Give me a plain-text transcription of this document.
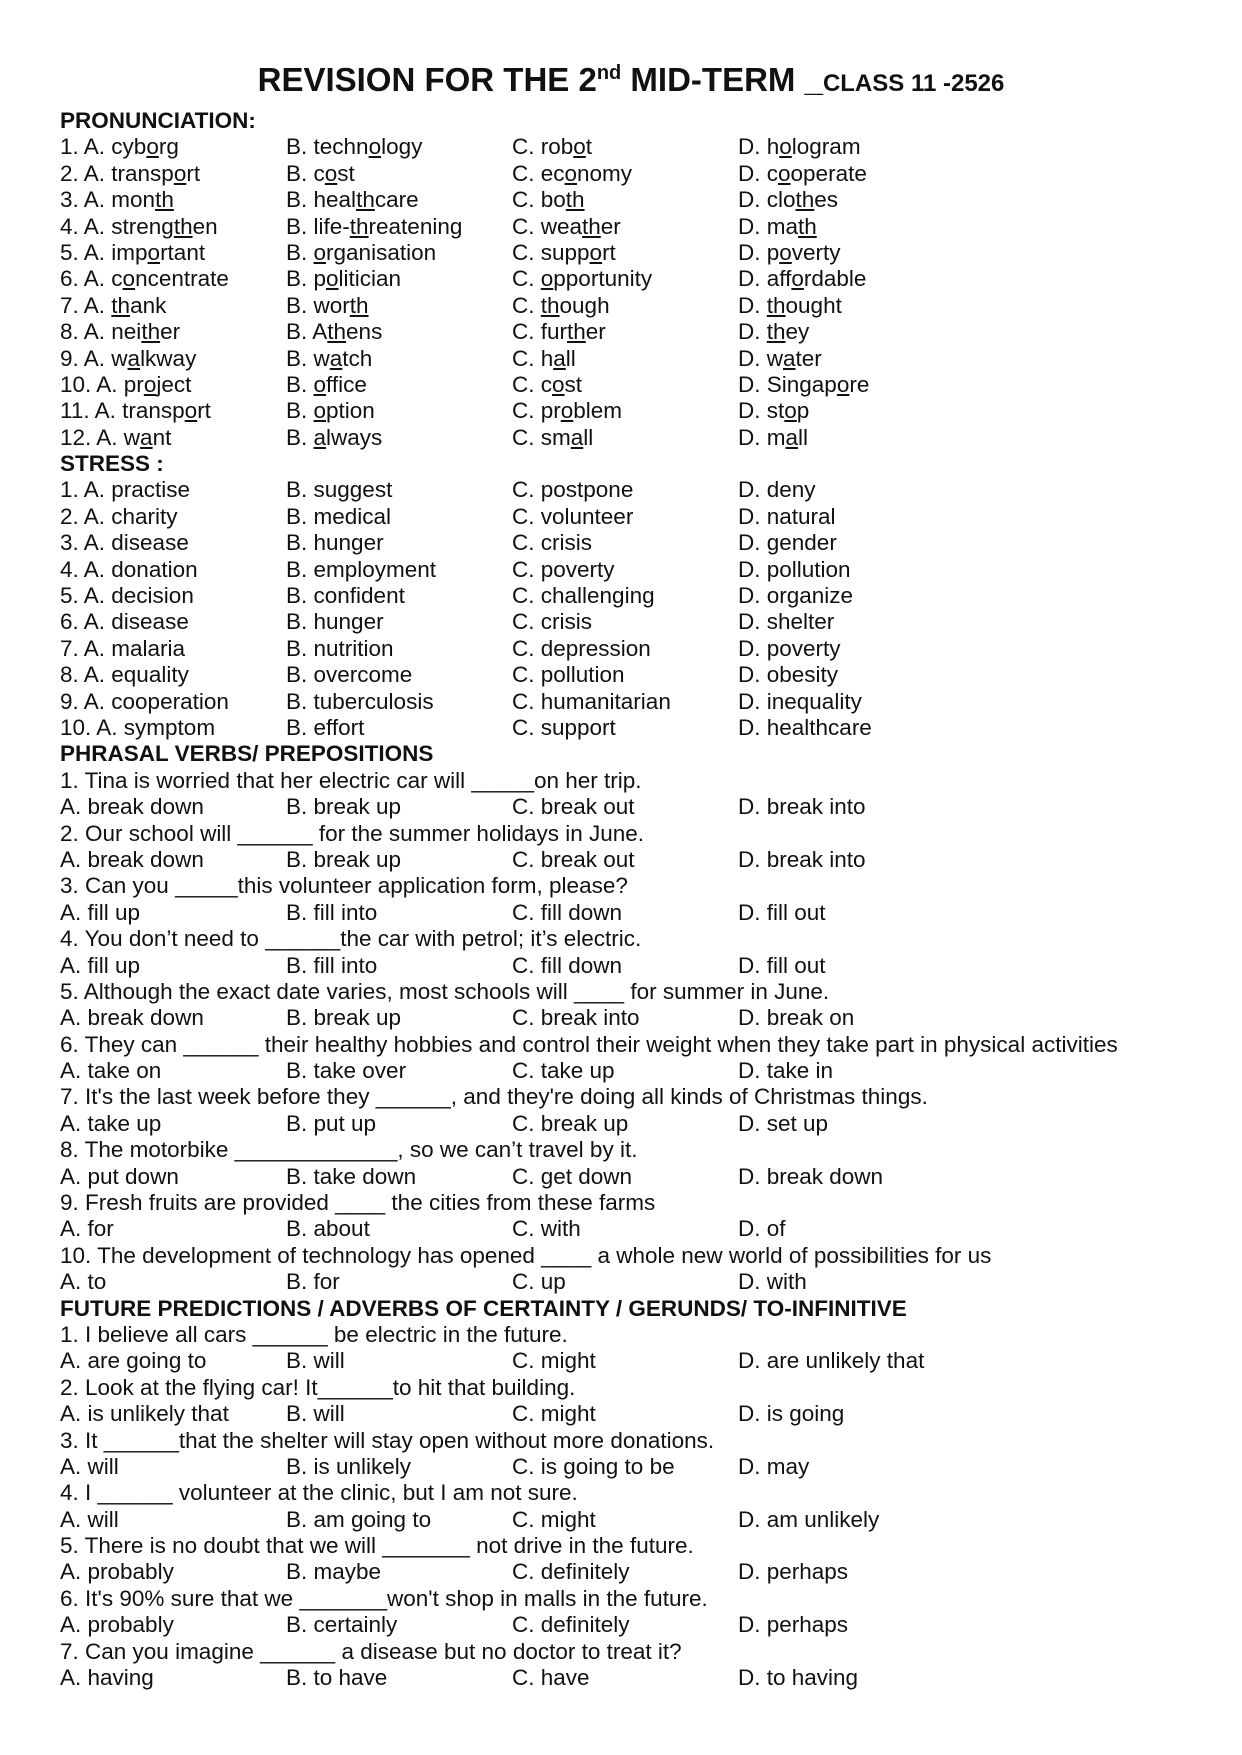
REVISION FOR THE 2nd MID-TERM _CLASS 11 -2526
PRONUNCIATION:
1. A. cyborg	B. technology	C. robot	D. hologram
2. A. transport	B. cost	C. economy	D. cooperate
3. A. month	B. healthcare	C. both	D. clothes
4. A. strengthen	B. life-threatening	C. weather	D. math
5. A. important	B. organisation	C. support	D. poverty
6. A. concentrate	B. politician	C. opportunity	D. affordable
7. A. thank	B. worth	C. though	D. thought
8. A. neither	B. Athens	C. further	D. they
9. A. walkway	B. watch	C. hall	D. water
10. A. project	B. office	C. cost	D. Singapore
11. A. transport	B. option	C. problem	D. stop
12. A. want	B. always	C. small	D. mall
STRESS :
1. A. practise	B. suggest	C. postpone	D. deny
2. A. charity	B. medical	C. volunteer	D. natural
3. A. disease	B. hunger	C. crisis	D. gender
4. A. donation	B. employment	C. poverty	D. pollution
5. A. decision	B. confident	C. challenging	D. organize
6. A. disease	B. hunger	C. crisis	D. shelter
7. A. malaria	B. nutrition	C. depression	D. poverty
8. A. equality	B. overcome	C. pollution	D. obesity
9. A. cooperation	B. tuberculosis	C. humanitarian	D. inequality
10. A. symptom	B. effort	C. support	D. healthcare
PHRASAL VERBS/ PREPOSITIONS
1. Tina is worried that her electric car will _____on her trip.
A. break down	B. break up	C. break out	D. break into
2. Our school will ______ for the summer holidays in June.
A. break down	B. break up	C. break out	D. break into
3. Can you _____this volunteer application form, please?
A. fill up	B. fill into	C. fill down	D. fill out
4. You don’t need to ______the car with petrol; it’s electric.
A. fill up	B. fill into	C. fill down	D. fill out
5. Although the exact date varies, most schools will ____ for summer in June.
A. break down	B. break up	C. break into	D. break on
6. They can ______ their healthy hobbies and control their weight when they take part in physical activities
A. take on	B. take over	C. take up	D. take in
7. It's the last week before they ______, and they're doing all kinds of Christmas things.
A. take up	B. put up	C. break up	D. set up
8. The motorbike _____________, so we can’t travel by it.
A. put down	B. take down	C. get down	D. break down
9. Fresh fruits are provided ____ the cities from these farms
A. for	B. about	C. with	D. of
10. The development of technology has opened ____ a whole new world of possibilities for us
A. to	B. for	C. up	D. with
FUTURE PREDICTIONS / ADVERBS OF CERTAINTY / GERUNDS/ TO-INFINITIVE
1. I believe all cars ______ be electric in the future.
A. are going to	B. will	C. might	D. are unlikely that
2. Look at the flying car! It______to hit that building.
A. is unlikely that	B. will	C. might	D. is going
3. It ______that the shelter will stay open without more donations.
A. will	B. is unlikely	C. is going to be	D. may
4. I ______ volunteer at the clinic, but I am not sure.
A. will	B. am going to	C. might	D. am unlikely
5. There is no doubt that we will _______ not drive in the future.
A. probably	B. maybe	C. definitely	D. perhaps
6. It's 90% sure that we _______won't shop in malls in the future.
A. probably	B. certainly	C. definitely	D. perhaps
7. Can you imagine ______ a disease but no doctor to treat it?
A. having	B. to have	C. have	D. to having
